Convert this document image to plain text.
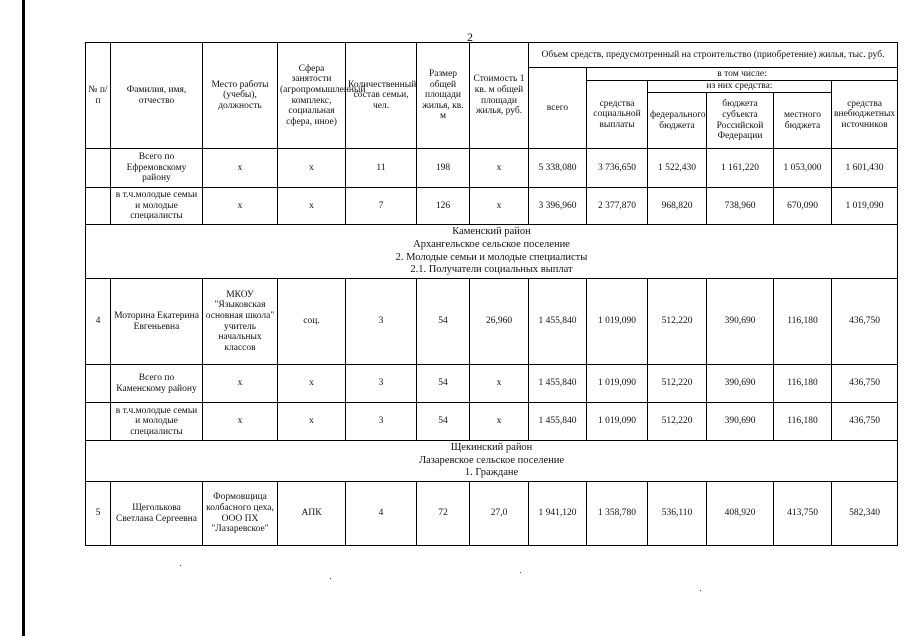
2
№ п/п	Фамилия, имя, отчество	Место работы (учебы), должность	Сфера занятости (агропромышленный комплекс, социальная сфера, иное)	Количественный состав семьи, чел.	Размер общей площади жилья, кв. м	Стоимость 1 кв. м общей площади жилья, руб.	Объем средств, предусмотренный на строительство (приобретение) жилья, тыс. руб.					
							всего	в том числе:				
								средства социальной выплаты	из них средства:			средства внебюджетных источников
									федерального бюджета	бюджета субъекта Российской Федерации	местного бюджета	
	Всего по Ефремовскому району	х	х	11	198	х	5 338,080	3 736,650	1 522,430	1 161,220	1 053,000	1 601,430
	в т.ч.молодые семьи и молодые специалисты	х	х	7	126	х	3 396,960	2 377,870	968,820	738,960	670,090	1 019,090

Каменский район
Архангельское сельское поселение
2. Молодые семьи и молодые специалисты
2.1. Получатели социальных выплат												

4	Моторина Екатерина Евгеньевна	МКОУ "Языковская основная школа" учитель начальных классов	соц.	3	54	26,960	1 455,840	1 019,090	512,220	390,690	116,180	436,750
	Всего по Каменскому району	х	х	3	54	х	1 455,840	1 019,090	512,220	390,690	116,180	436,750
	в т.ч.молодые семьи и молодые специалисты	х	х	3	54	х	1 455,840	1 019,090	512,220	390,690	116,180	436,750

Щекинский район
Лазаревское сельское поселение
1. Граждане												

5	Щеголькова Светлана Сергеевна	Формовщица колбасного цеха, ООО ПХ "Лазаревское"	АПК	4	72	27,0	1 941,120	1 358,780	536,110	408,920	413,750	582,340
